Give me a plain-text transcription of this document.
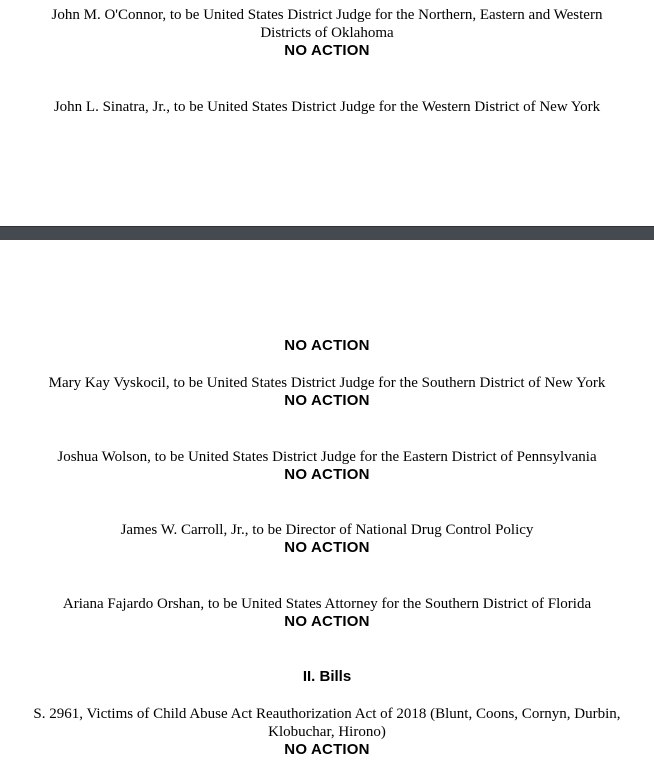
John M. O'Connor, to be United States District Judge for the Northern, Eastern and Western Districts of Oklahoma
NO ACTION
John L. Sinatra, Jr., to be United States District Judge for the Western District of New York
NO ACTION
Mary Kay Vyskocil, to be United States District Judge for the Southern District of New York
NO ACTION
Joshua Wolson, to be United States District Judge for the Eastern District of Pennsylvania
NO ACTION
James W. Carroll, Jr., to be Director of National Drug Control Policy
NO ACTION
Ariana Fajardo Orshan, to be United States Attorney for the Southern District of Florida
NO ACTION
II. Bills
S. 2961, Victims of Child Abuse Act Reauthorization Act of 2018 (Blunt, Coons, Cornyn, Durbin, Klobuchar, Hirono)
NO ACTION
